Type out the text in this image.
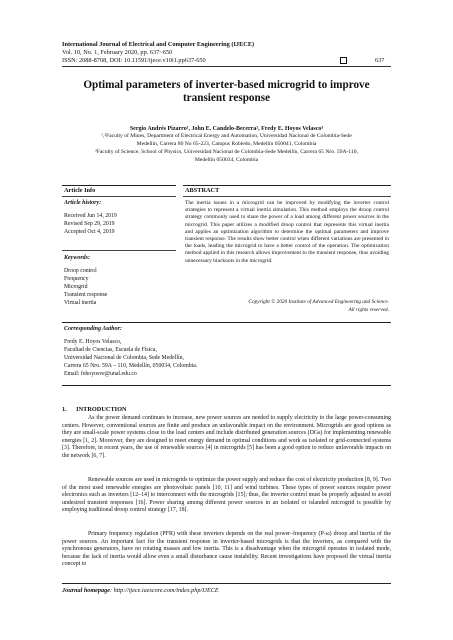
International Journal of Electrical and Computer Engineering (IJECE)
Vol. 10, No. 1, February 2020, pp. 637~650
ISSN: 2088-8708, DOI: 10.11591/ijece.v10i1.pp637-650	637
Optimal parameters of inverter-based microgrid to improve
transient response
Sergio Andrés Pizarro¹, John E. Candelo-Becerra², Fredy E. Hoyos Velasco³
¹,²Faculty of Mines, Department of Electrical Energy and Automation, Universidad Nacional de Colombia-Sede
Medellín, Carrera 80 No 65-223, Campus Robledo, Medellín 050041, Colombia
³Faculty of Science, School of Physics, Universidad Nacional de Colombia-Sede Medellín, Carrera 65 Nro. 59A-110,
Medellín 050034, Colombia
Article Info	ABSTRACT
Article history:
Received Jun 14, 2019
Revised Sep 29, 2019
Accepted Oct 4, 2019
Keywords:
Droop control
Frequency
Microgrid
Transient response
Virtual inertia
The inertia issues in a microgrid can be improved by modifying the inverter control strategies to represent a virtual inertia simulation. This method employs the droop control strategy commonly used to share the power of a load among different power sources in the microgrid. This paper utilizes a modified droop control that represents this virtual inertia and applies an optimization algorithm to determine the optimal parameters and improve transient response. The results show better control when different variations are presented in the loads, leading the microgrid to have a better control of the operation. The optimization method applied in this research allows improvement to the transient response, thus avoiding unnecessary blackouts in the microgrid.
Copyright © 2020 Institute of Advanced Engineering and Science.
All rights reserved.
Corresponding Author:
Fredy E. Hoyos Velasco,
Facultad de Ciencias, Escuela de Física,
Universidad Nacional de Colombia, Sede Medellín,
Carrera 65 Nro. 59A – 110, Medellín, 050034, Colombia.
Email: fehoyosve@unal.edu.co
1.      INTRODUCTION
As the power demand continues to increase, new power sources are needed to supply electricity to the large power-consuming centers. However, conventional sources are finite and produce an unfavorable impact on the environment. Microgrids are good options as they are small-scale power systems close to the load centers and include distributed generation sources (DGs) for implementing renewable energies [1, 2]. Moreover, they are designed to meet energy demand in optimal conditions and work as isolated or grid-connected systems [3]. Therefore, in recent years, the use of renewable sources [4] in microgrids [5] has been a good option to reduce unfavorable impacts on the network [6, 7].
Renewable sources are used in microgrids to optimize the power supply and reduce the cost of electricity production [8, 9]. Two of the most used renewable energies are photovoltaic panels [10, 11] and wind turbines. These types of power sources require power electronics such as inverters [12–14] to interconnect with the microgrids [15]; thus, the inverter control must be properly adjusted to avoid undesired transient responses [16]. Power sharing among different power sources in an isolated or islanded microgrid is possible by employing traditional droop control strategy [17, 18].
Primary frequency regulation (PFR) with these inverters depends on the real power–frequency (P-ω) droop and inertia of the power sources. An important fact for the transient response in inverter-based microgrids is that the inverters, as compared with the synchronous generators, have no rotating masses and low inertia. This is a disadvantage when the microgrid operates in isolated mode, because the lack of inertia would allow even a small disturbance cause instability. Recent investigations have proposed the virtual inertia concept to
Journal homepage: http://ijece.iaescore.com/index.php/IJECE
